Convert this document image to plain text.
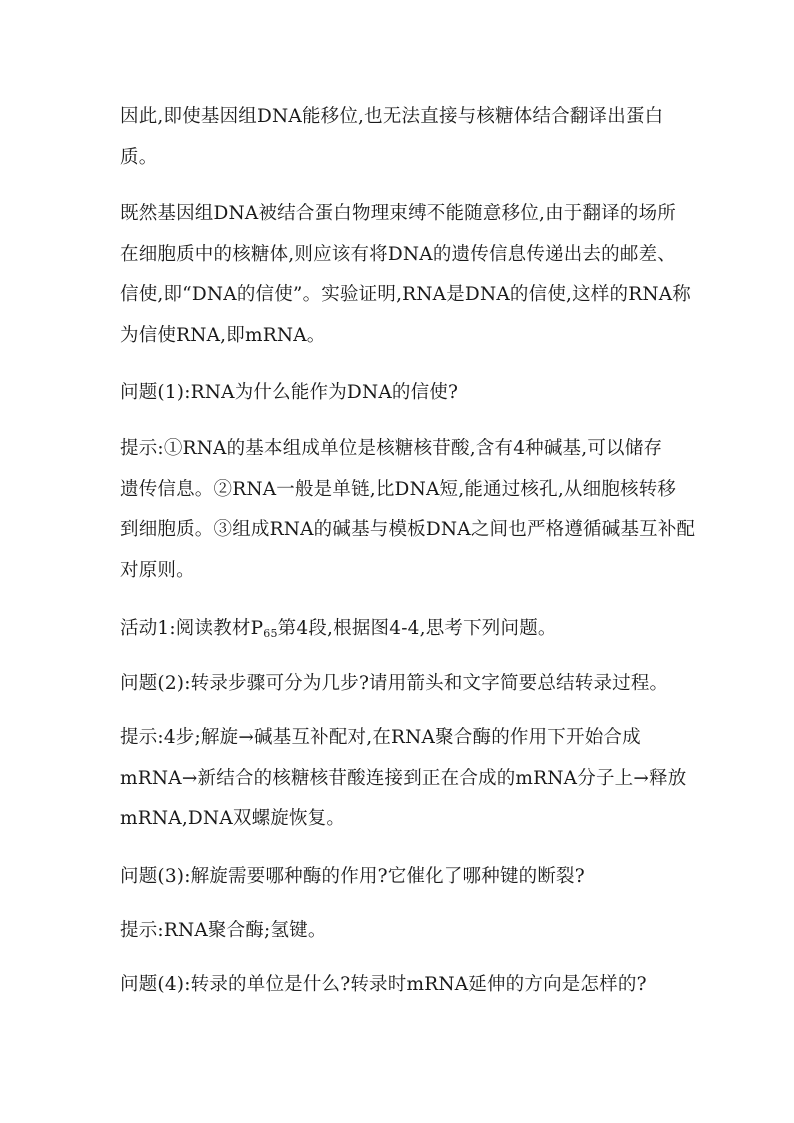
因此,即使基因组DNA能移位,也无法直接与核糖体结合翻译出蛋白
质。

既然基因组DNA被结合蛋白物理束缚不能随意移位,由于翻译的场所
在细胞质中的核糖体,则应该有将DNA的遗传信息传递出去的邮差、
信使,即“DNA的信使”。实验证明,RNA是DNA的信使,这样的RNA称
为信使RNA,即mRNA。

问题(1):RNA为什么能作为DNA的信使?

提示:①RNA的基本组成单位是核糖核苷酸,含有4种碱基,可以储存
遗传信息。②RNA一般是单链,比DNA短,能通过核孔,从细胞核转移
到细胞质。③组成RNA的碱基与模板DNA之间也严格遵循碱基互补配
对原则。

活动1:阅读教材$P_{65}$第4段,根据图4-4,思考下列问题。

问题(2):转录步骤可分为几步?请用箭头和文字简要总结转录过程。

提示:4步;解旋→碱基互补配对,在RNA聚合酶的作用下开始合成
mRNA→新结合的核糖核苷酸连接到正在合成的mRNA分子上→释放
mRNA,DNA双螺旋恢复。

问题(3):解旋需要哪种酶的作用?它催化了哪种键的断裂?

提示:RNA聚合酶;氢键。

问题(4):转录的单位是什么?转录时mRNA延伸的方向是怎样的?
